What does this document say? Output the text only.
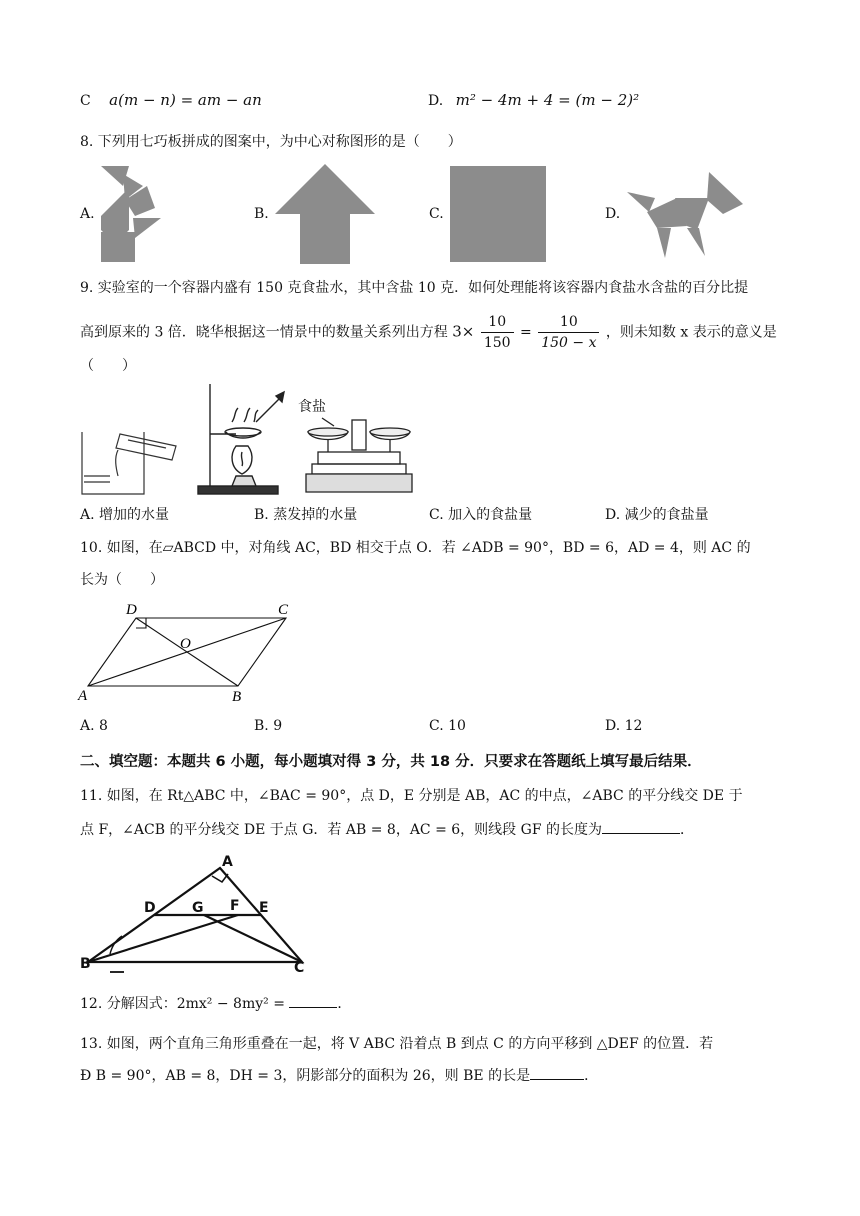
C a(m − n) = am − an	D. m² − 4m + 4 = (m − 2)²
8. 下列用七巧板拼成的图案中，为中心对称图形的是（　　）
A.	B.	C.	D.
9. 实验室的一个容器内盛有 150 克食盐水，其中含盐 10 克．如何处理能将该容器内食盐水含盐的百分比提
高到原来的 3 倍．晓华根据这一情景中的数量关系列出方程 $3\times \frac{10}{150} = \frac{10}{150 - x}$ ，则未知数 x 表示的意义是
（　　）
食盐
A. 增加的水量	B. 蒸发掉的水量	C. 加入的食盐量	D. 减少的食盐量
10. 如图，在▱ABCD 中，对角线 AC，BD 相交于点 O．若 ∠ADB = 90°，BD = 6，AD = 4，则 AC 的
长为（　　）
A	B
C
D
O
A. 8	B. 9	C. 10	D. 12
二、填空题：本题共 6 小题，每小题填对得 3 分，共 18 分．只要求在答题纸上填写最后结果．
11. 如图，在 Rt△ABC 中，∠BAC = 90°，点 D，E 分别是 AB，AC 的中点，∠ABC 的平分线交 DE 于
点 F，∠ACB 的平分线交 DE 于点 G．若 AB = 8，AC = 6，则线段 GF 的长度为	．
A
B	C
D	E
F
G
12. 分解因式：2mx² − 8my² =	．
13. 如图，两个直角三角形重叠在一起，将 V ABC 沿着点 B 到点 C 的方向平移到 △DEF 的位置．若
Ð B = 90°，AB = 8，DH = 3，阴影部分的面积为 26，则 BE 的长是	．
